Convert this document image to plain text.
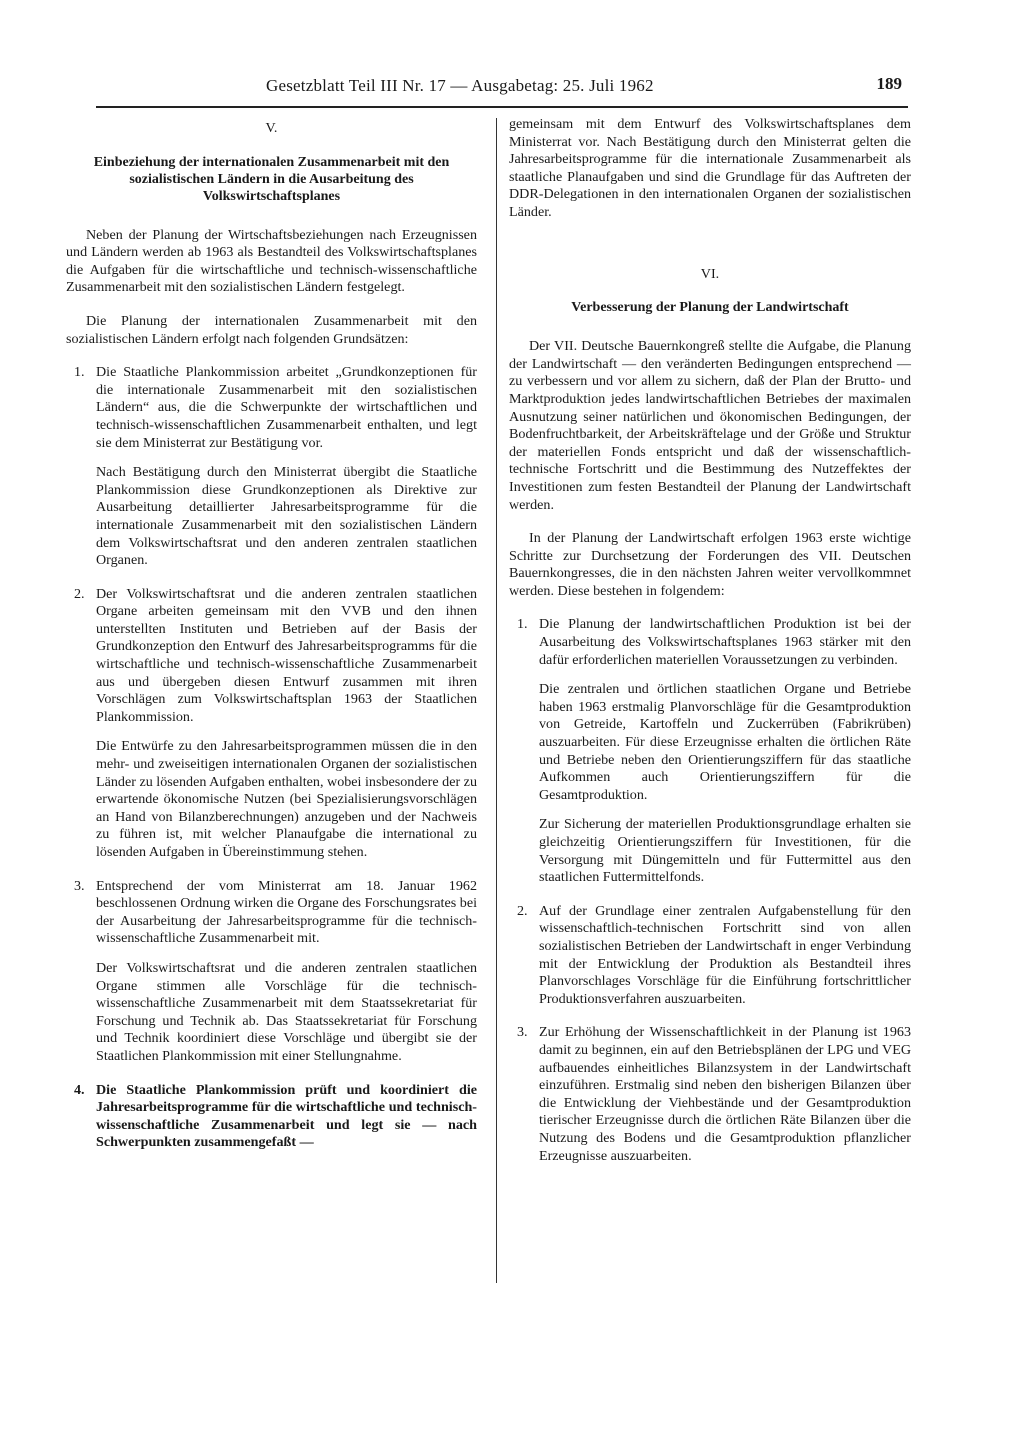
Gesetzblatt Teil III Nr. 17 — Ausgabetag: 25. Juli 1962	189
V.
Einbeziehung der internationalen Zusammenarbeit mit den sozialistischen Ländern in die Ausarbeitung des Volkswirtschaftsplanes

Neben der Planung der Wirtschaftsbeziehungen nach Erzeugnissen und Ländern werden ab 1963 als Bestandteil des Volkswirtschaftsplanes die Aufgaben für die wirtschaftliche und technisch-wissenschaftliche Zusammenarbeit mit den sozialistischen Ländern festgelegt.

Die Planung der internationalen Zusammenarbeit mit den sozialistischen Ländern erfolgt nach folgenden Grundsätzen:

1. Die Staatliche Plankommission arbeitet „Grundkonzeptionen für die internationale Zusammenarbeit mit den sozialistischen Ländern“ aus, die die Schwerpunkte der wirtschaftlichen und technisch-wissenschaftlichen Zusammenarbeit enthalten, und legt sie dem Ministerrat zur Bestätigung vor.

Nach Bestätigung durch den Ministerrat übergibt die Staatliche Plankommission diese Grundkonzeptionen als Direktive zur Ausarbeitung detaillierter Jahresarbeitsprogramme für die internationale Zusammenarbeit mit den sozialistischen Ländern dem Volkswirtschaftsrat und den anderen zentralen staatlichen Organen.

2. Der Volkswirtschaftsrat und die anderen zentralen staatlichen Organe arbeiten gemeinsam mit den VVB und den ihnen unterstellten Instituten und Betrieben auf der Basis der Grundkonzeption den Entwurf des Jahresarbeitsprogramms für die wirtschaftliche und technisch-wissenschaftliche Zusammenarbeit aus und übergeben diesen Entwurf zusammen mit ihren Vorschlägen zum Volkswirtschaftsplan 1963 der Staatlichen Plankommission.

Die Entwürfe zu den Jahresarbeitsprogrammen müssen die in den mehr- und zweiseitigen internationalen Organen der sozialistischen Länder zu lösenden Aufgaben enthalten, wobei insbesondere der zu erwartende ökonomische Nutzen (bei Spezialisierungsvorschlägen an Hand von Bilanzberechnungen) anzugeben und der Nachweis zu führen ist, mit welcher Planaufgabe die international zu lösenden Aufgaben in Übereinstimmung stehen.

3. Entsprechend der vom Ministerrat am 18. Januar 1962 beschlossenen Ordnung wirken die Organe des Forschungsrates bei der Ausarbeitung der Jahresarbeitsprogramme für die technisch-wissenschaftliche Zusammenarbeit mit.

Der Volkswirtschaftsrat und die anderen zentralen staatlichen Organe stimmen alle Vorschläge für die technisch-wissenschaftliche Zusammenarbeit mit dem Staatssekretariat für Forschung und Technik ab. Das Staatssekretariat für Forschung und Technik koordiniert diese Vorschläge und übergibt sie der Staatlichen Plankommission mit einer Stellungnahme.

4. Die Staatliche Plankommission prüft und koordiniert die Jahresarbeitsprogramme für die wirtschaftliche und technisch-wissenschaftliche Zusammenarbeit und legt sie — nach Schwerpunkten zusammengefaßt —

gemeinsam mit dem Entwurf des Volkswirtschaftsplanes dem Ministerrat vor. Nach Bestätigung durch den Ministerrat gelten die Jahresarbeitsprogramme für die internationale Zusammenarbeit als staatliche Planaufgaben und sind die Grundlage für das Auftreten der DDR-Delegationen in den internationalen Organen der sozialistischen Länder.

VI.
Verbesserung der Planung der Landwirtschaft

Der VII. Deutsche Bauernkongreß stellte die Aufgabe, die Planung der Landwirtschaft — den veränderten Bedingungen entsprechend — zu verbessern und vor allem zu sichern, daß der Plan der Brutto- und Marktproduktion jedes landwirtschaftlichen Betriebes der maximalen Ausnutzung seiner natürlichen und ökonomischen Bedingungen, der Bodenfruchtbarkeit, der Arbeitskräftelage und der Größe und Struktur der materiellen Fonds entspricht und daß der wissenschaftlich-technische Fortschritt und die Bestimmung des Nutzeffektes der Investitionen zum festen Bestandteil der Planung der Landwirtschaft werden.

In der Planung der Landwirtschaft erfolgen 1963 erste wichtige Schritte zur Durchsetzung der Forderungen des VII. Deutschen Bauernkongresses, die in den nächsten Jahren weiter vervollkommnet werden. Diese bestehen in folgendem:

1. Die Planung der landwirtschaftlichen Produktion ist bei der Ausarbeitung des Volkswirtschaftsplanes 1963 stärker mit den dafür erforderlichen materiellen Voraussetzungen zu verbinden.

Die zentralen und örtlichen staatlichen Organe und Betriebe haben 1963 erstmalig Planvorschläge für die Gesamtproduktion von Getreide, Kartoffeln und Zuckerrüben (Fabrikrüben) auszuarbeiten. Für diese Erzeugnisse erhalten die örtlichen Räte und Betriebe neben den Orientierungsziffern für das staatliche Aufkommen auch Orientierungsziffern für die Gesamtproduktion.

Zur Sicherung der materiellen Produktionsgrundlage erhalten sie gleichzeitig Orientierungsziffern für Investitionen, für die Versorgung mit Düngemitteln und für Futtermittel aus den staatlichen Futtermittelfonds.

2. Auf der Grundlage einer zentralen Aufgabenstellung für den wissenschaftlich-technischen Fortschritt sind von allen sozialistischen Betrieben der Landwirtschaft in enger Verbindung mit der Entwicklung der Produktion als Bestandteil ihres Planvorschlages Vorschläge für die Einführung fortschrittlicher Produktionsverfahren auszuarbeiten.

3. Zur Erhöhung der Wissenschaftlichkeit in der Planung ist 1963 damit zu beginnen, ein auf den Betriebsplänen der LPG und VEG aufbauendes einheitliches Bilanzsystem in der Landwirtschaft einzuführen. Erstmalig sind neben den bisherigen Bilanzen über die Entwicklung der Viehbestände und der Gesamtproduktion tierischer Erzeugnisse durch die örtlichen Räte Bilanzen über die Nutzung des Bodens und die Gesamtproduktion pflanzlicher Erzeugnisse auszuarbeiten.
